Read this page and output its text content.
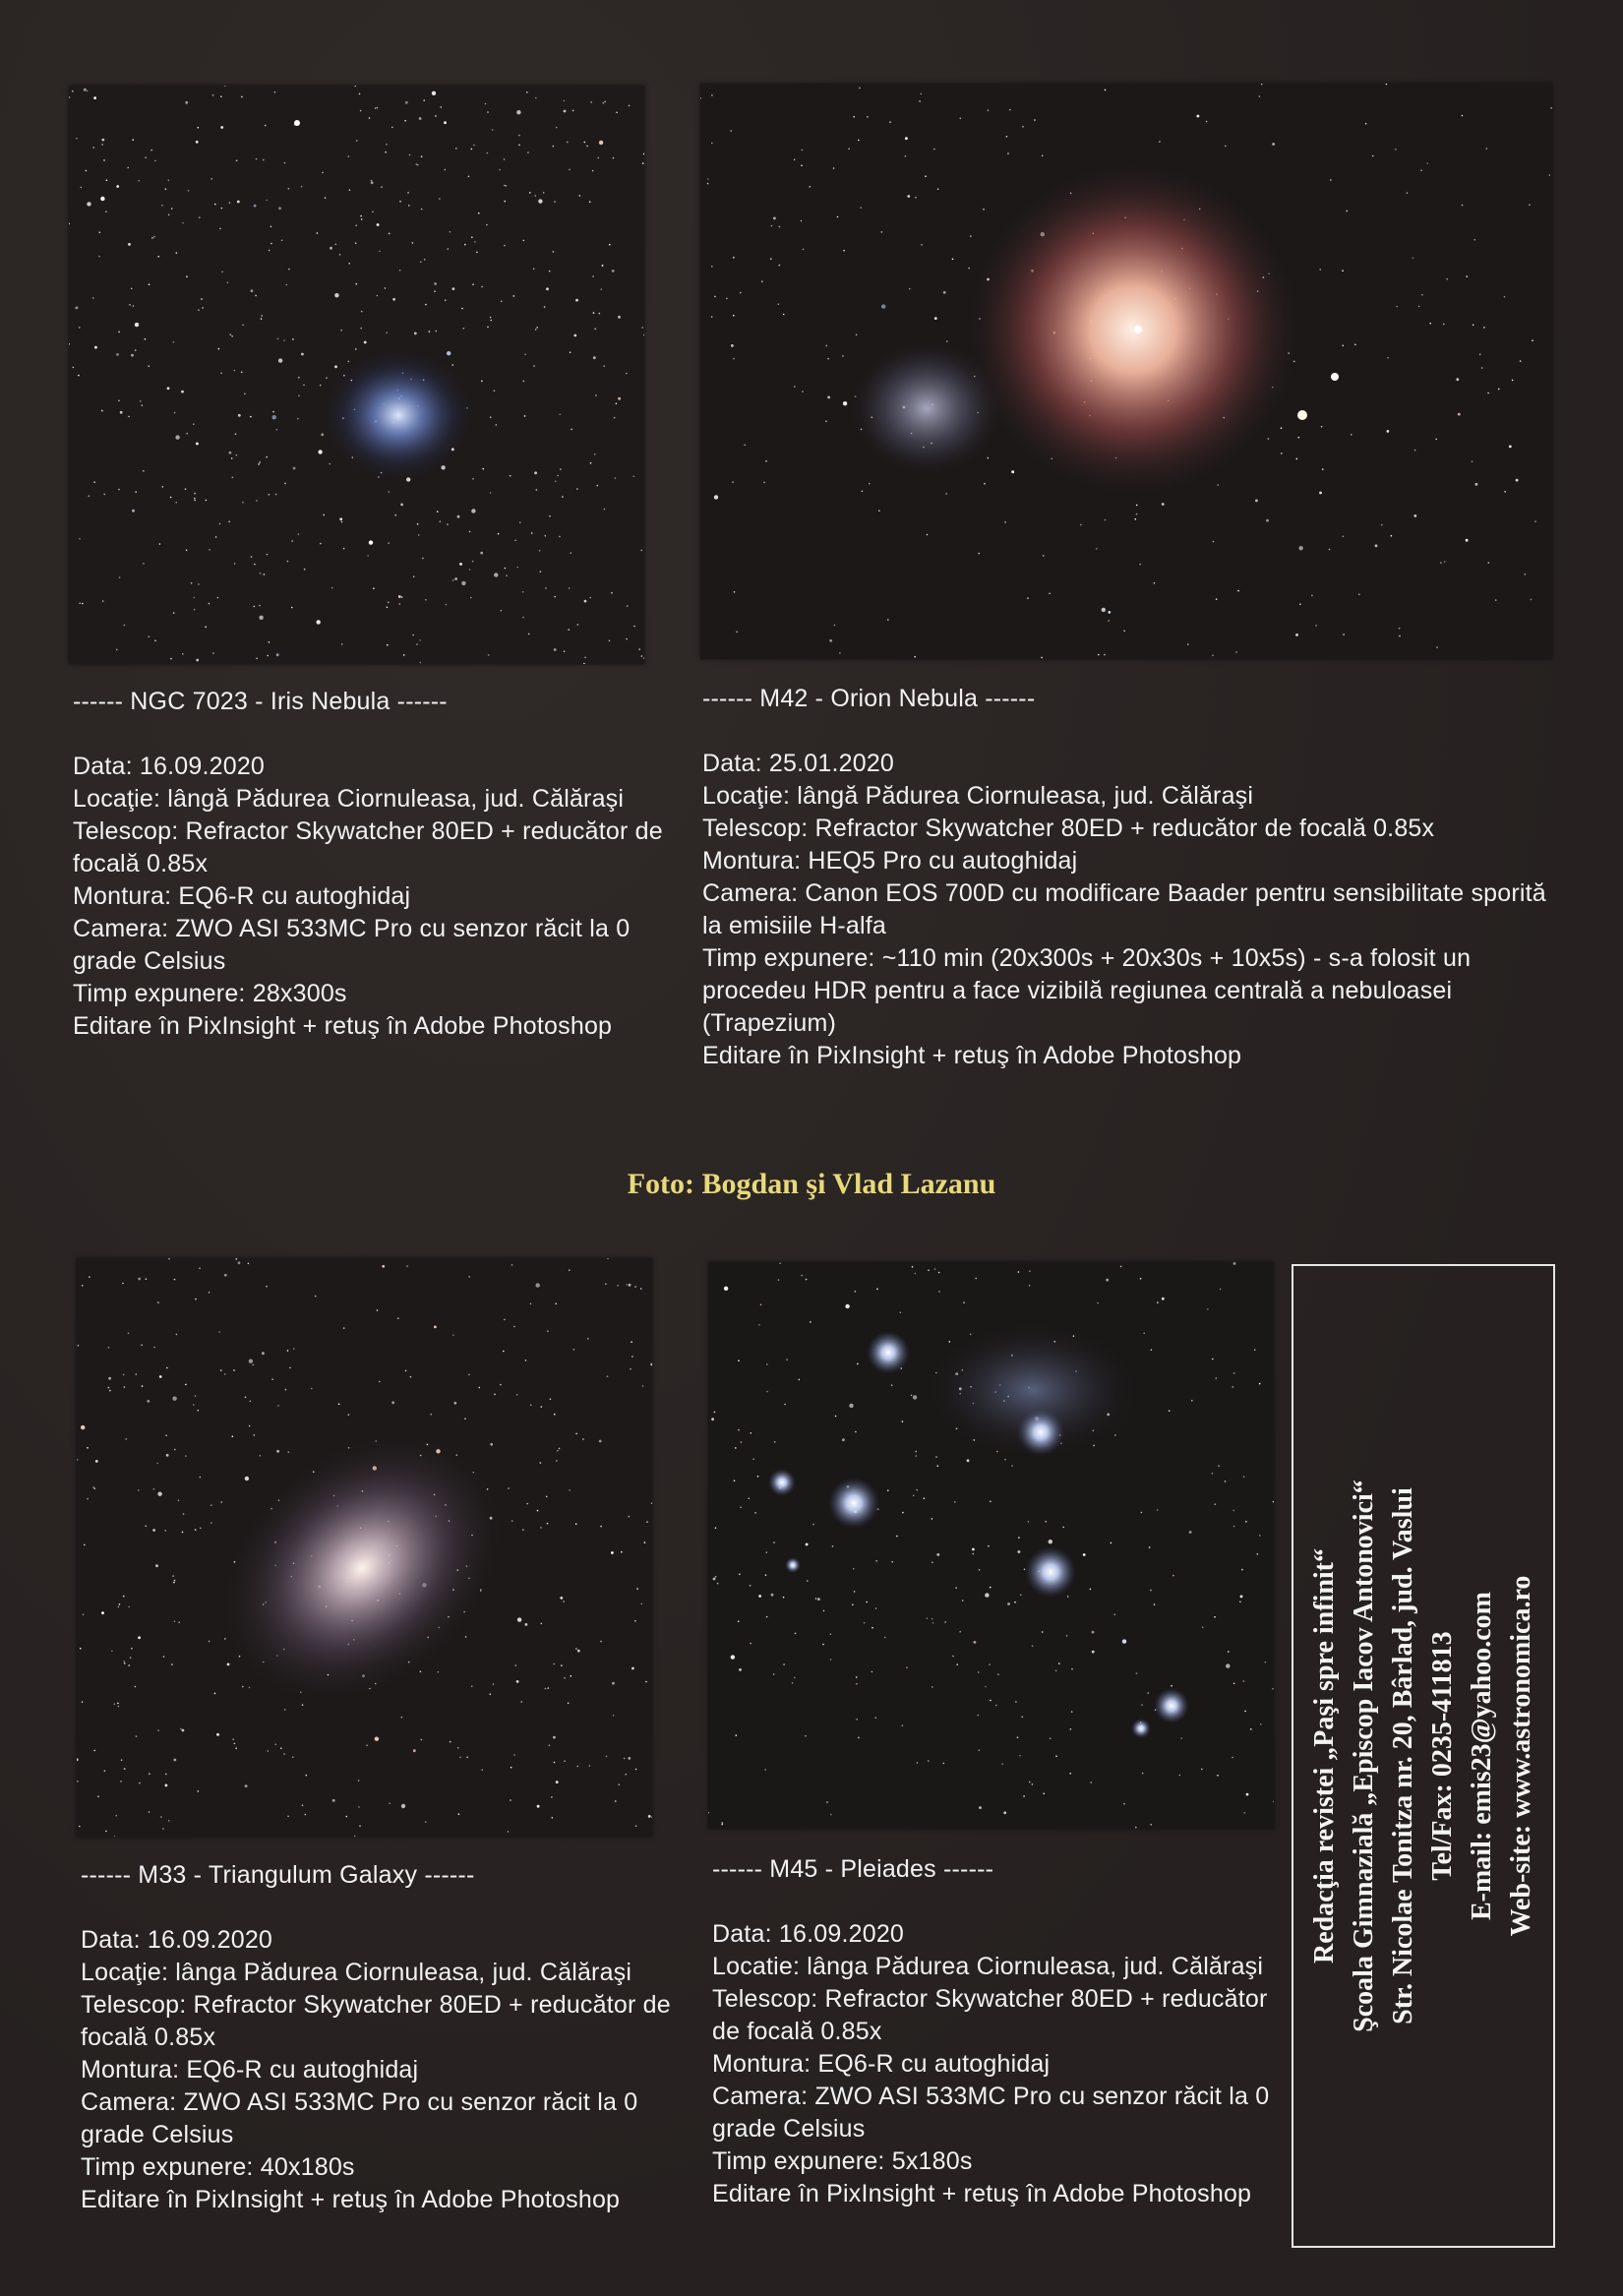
------ NGC 7023 - Iris Nebula ------

Data: 16.09.2020

Locaţie: lângă Pădurea Ciornuleasa, jud. Călăraşi

Telescop: Refractor Skywatcher 80ED + reducător de focală 0.85x

Montura: EQ6-R cu autoghidaj

Camera: ZWO ASI 533MC Pro cu senzor răcit la 0 grade Celsius

Timp expunere: 28x300s

Editare în PixInsight + retuş în Adobe Photoshop

------ M42 - Orion Nebula ------

Data: 25.01.2020

Locaţie: lângă Pădurea Ciornuleasa, jud. Călăraşi

Telescop: Refractor Skywatcher 80ED + reducător de focală 0.85x

Montura: HEQ5 Pro cu autoghidaj

Camera: Canon EOS 700D cu modificare Baader pentru sensibilitate sporită la emisiile H-alfa

Timp expunere: ~110 min (20x300s + 20x30s + 10x5s) - s-a folosit un procedeu HDR pentru a face vizibilă regiunea centrală a nebuloasei (Trapezium)

Editare în PixInsight + retuş în Adobe Photoshop

Foto: Bogdan şi Vlad Lazanu

------ M33 - Triangulum Galaxy ------

Data: 16.09.2020

Locaţie: lânga Pădurea Ciornuleasa, jud. Călăraşi

Telescop: Refractor Skywatcher 80ED + reducător de focală 0.85x

Montura: EQ6-R cu autoghidaj

Camera: ZWO ASI 533MC Pro cu senzor răcit la 0 grade Celsius

Timp expunere: 40x180s

Editare în PixInsight + retuş în Adobe Photoshop

------ M45 - Pleiades ------

Data: 16.09.2020

Locatie: lânga Pădurea Ciornuleasa, jud. Călăraşi

Telescop: Refractor Skywatcher 80ED + reducător de focală 0.85x

Montura: EQ6-R cu autoghidaj

Camera: ZWO ASI 533MC Pro cu senzor răcit la 0 grade Celsius

Timp expunere: 5x180s

Editare în PixInsight + retuş în Adobe Photoshop

Redacţia revistei „Paşi spre infinit“ Şcoala Gimnazială „Episcop Iacov Antonovici“ Str. Nicolae Tonitza nr. 20, Bârlad, jud. Vaslui Tel/Fax: 0235-411813 E-mail: emis23@yahoo.com Web-site: www.astronomica.ro
